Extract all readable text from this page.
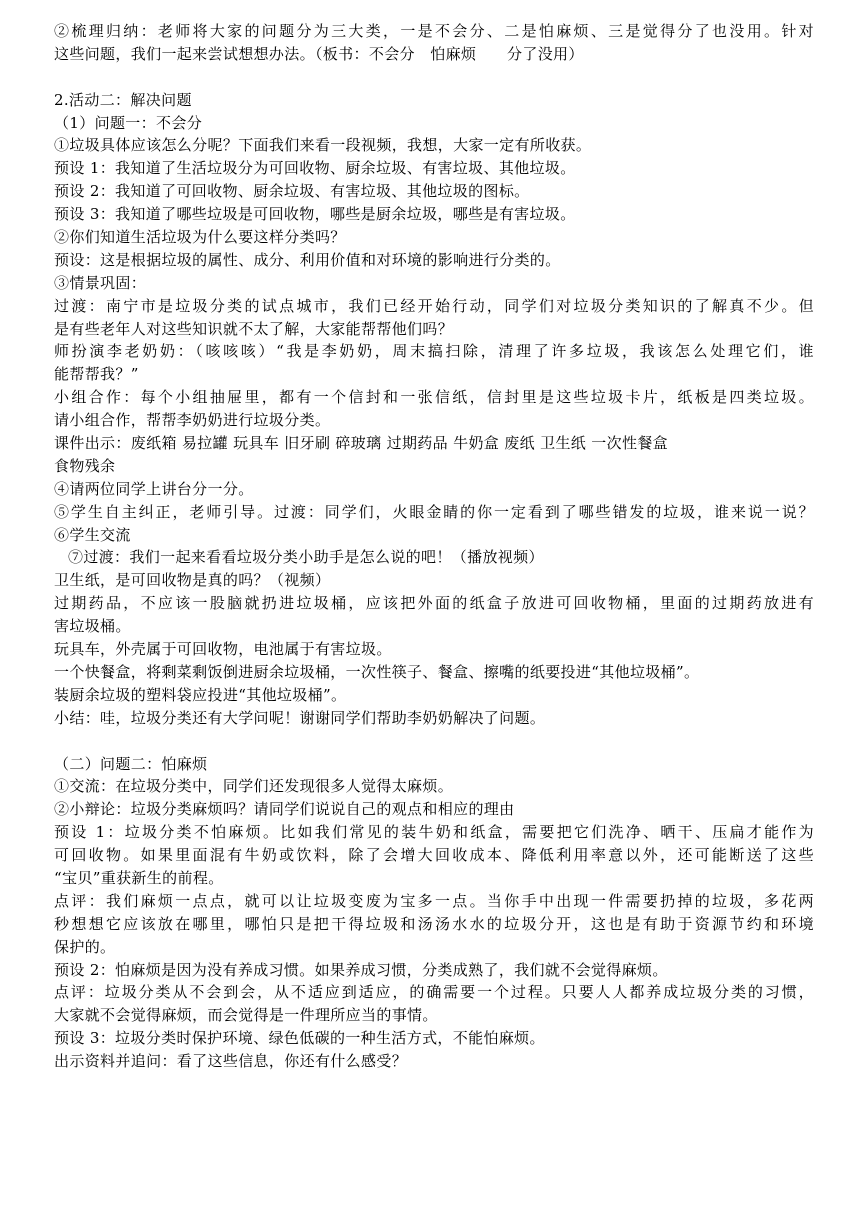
②梳理归纳：老师将大家的问题分为三大类，一是不会分、二是怕麻烦、三是觉得分了也没用。针对
这些问题，我们一起来尝试想想办法。（板书：不会分　怕麻烦　　分了没用）
2.活动二：解决问题
（1）问题一：不会分
①垃圾具体应该怎么分呢？下面我们来看一段视频，我想，大家一定有所收获。
预设 1：我知道了生活垃圾分为可回收物、厨余垃圾、有害垃圾、其他垃圾。
预设 2：我知道了可回收物、厨余垃圾、有害垃圾、其他垃圾的图标。
预设 3：我知道了哪些垃圾是可回收物，哪些是厨余垃圾，哪些是有害垃圾。
②你们知道生活垃圾为什么要这样分类吗？
预设：这是根据垃圾的属性、成分、利用价值和对环境的影响进行分类的。
③情景巩固：
过渡：南宁市是垃圾分类的试点城市，我们已经开始行动，同学们对垃圾分类知识的了解真不少。但
是有些老年人对这些知识就不太了解，大家能帮帮他们吗？
师扮演李老奶奶：（咳咳咳）“我是李奶奶，周末搞扫除，清理了许多垃圾，我该怎么处理它们，谁
能帮帮我？”
小组合作：每个小组抽屉里，都有一个信封和一张信纸，信封里是这些垃圾卡片，纸板是四类垃圾。
请小组合作，帮帮李奶奶进行垃圾分类。
课件出示：废纸箱 易拉罐 玩具车 旧牙刷 碎玻璃 过期药品 牛奶盒 废纸 卫生纸 一次性餐盒
食物残余
④请两位同学上讲台分一分。
⑤学生自主纠正，老师引导。过渡：同学们，火眼金睛的你一定看到了哪些错发的垃圾，谁来说一说？
⑥学生交流
⑦过渡：我们一起来看看垃圾分类小助手是怎么说的吧！（播放视频）
卫生纸，是可回收物是真的吗？（视频）
过期药品，不应该一股脑就扔进垃圾桶，应该把外面的纸盒子放进可回收物桶，里面的过期药放进有
害垃圾桶。
玩具车，外壳属于可回收物，电池属于有害垃圾。
一个快餐盒，将剩菜剩饭倒进厨余垃圾桶，一次性筷子、餐盒、擦嘴的纸要投进“其他垃圾桶”。
装厨余垃圾的塑料袋应投进“其他垃圾桶”。
小结：哇，垃圾分类还有大学问呢！谢谢同学们帮助李奶奶解决了问题。
（二）问题二：怕麻烦
①交流：在垃圾分类中，同学们还发现很多人觉得太麻烦。
②小辩论：垃圾分类麻烦吗？请同学们说说自己的观点和相应的理由
预设 1：垃圾分类不怕麻烦。比如我们常见的装牛奶和纸盒，需要把它们洗净、晒干、压扁才能作为
可回收物。如果里面混有牛奶或饮料，除了会增大回收成本、降低利用率意以外，还可能断送了这些
“宝贝”重获新生的前程。
点评：我们麻烦一点点，就可以让垃圾变废为宝多一点。当你手中出现一件需要扔掉的垃圾，多花两
秒想想它应该放在哪里，哪怕只是把干得垃圾和汤汤水水的垃圾分开，这也是有助于资源节约和环境
保护的。
预设 2：怕麻烦是因为没有养成习惯。如果养成习惯，分类成熟了，我们就不会觉得麻烦。
点评：垃圾分类从不会到会，从不适应到适应，的确需要一个过程。只要人人都养成垃圾分类的习惯，
大家就不会觉得麻烦，而会觉得是一件理所应当的事情。
预设 3：垃圾分类时保护环境、绿色低碳的一种生活方式，不能怕麻烦。
出示资料并追问：看了这些信息，你还有什么感受？
